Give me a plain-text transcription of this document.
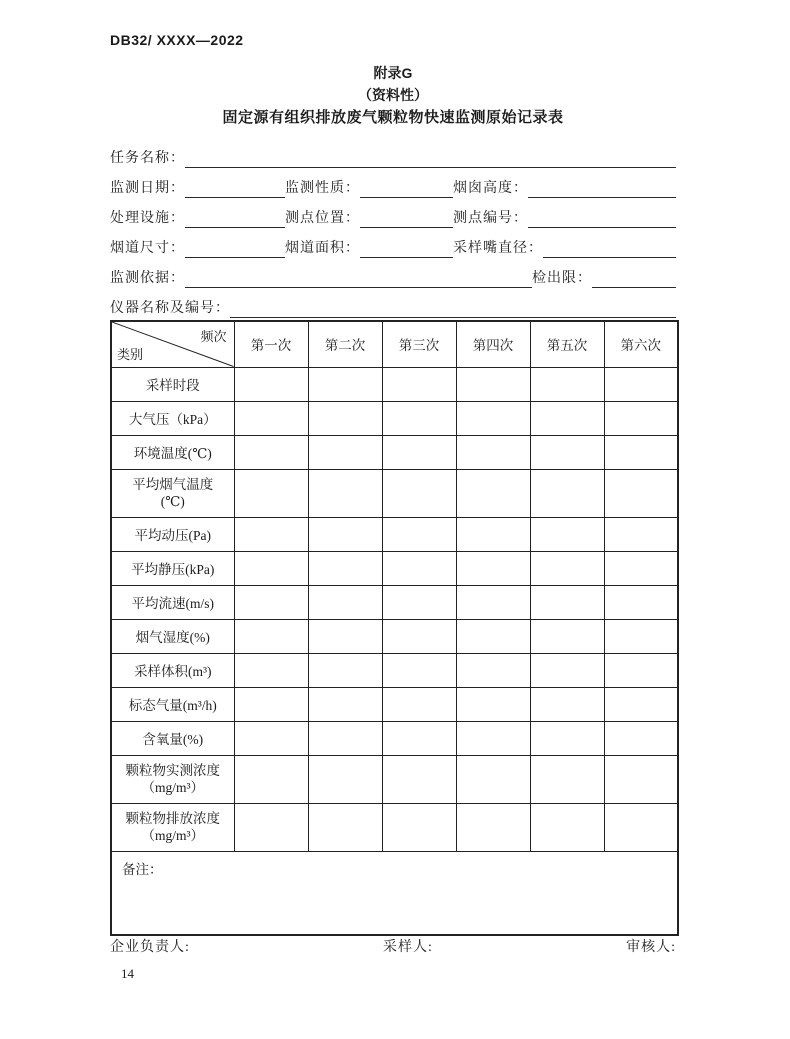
DB32/ XXXX—2022
附录G
（资料性）
固定源有组织排放废气颗粒物快速监测原始记录表
任务名称：
监测日期：	监测性质：	烟囱高度：
处理设施：	测点位置：	测点编号：
烟道尺寸：	烟道面积：	采样嘴直径：
监测依据：	检出限：
仪器名称及编号：
频次
类别	第一次	第二次	第三次	第四次	第五次	第六次

采样时段						

大气压（kPa）						

环境温度(℃)						

平均烟气温度
(℃)						

平均动压(Pa)						

平均静压(kPa)						

平均流速(m/s)						

烟气湿度(%)						

采样体积(m³)						

标态气量(m³/h)						

含氧量(%)						

颗粒物实测浓度
（mg/m³）						

颗粒物排放浓度
（mg/m³）						

备注：						
企业负责人:	采样人:	审核人:
14
